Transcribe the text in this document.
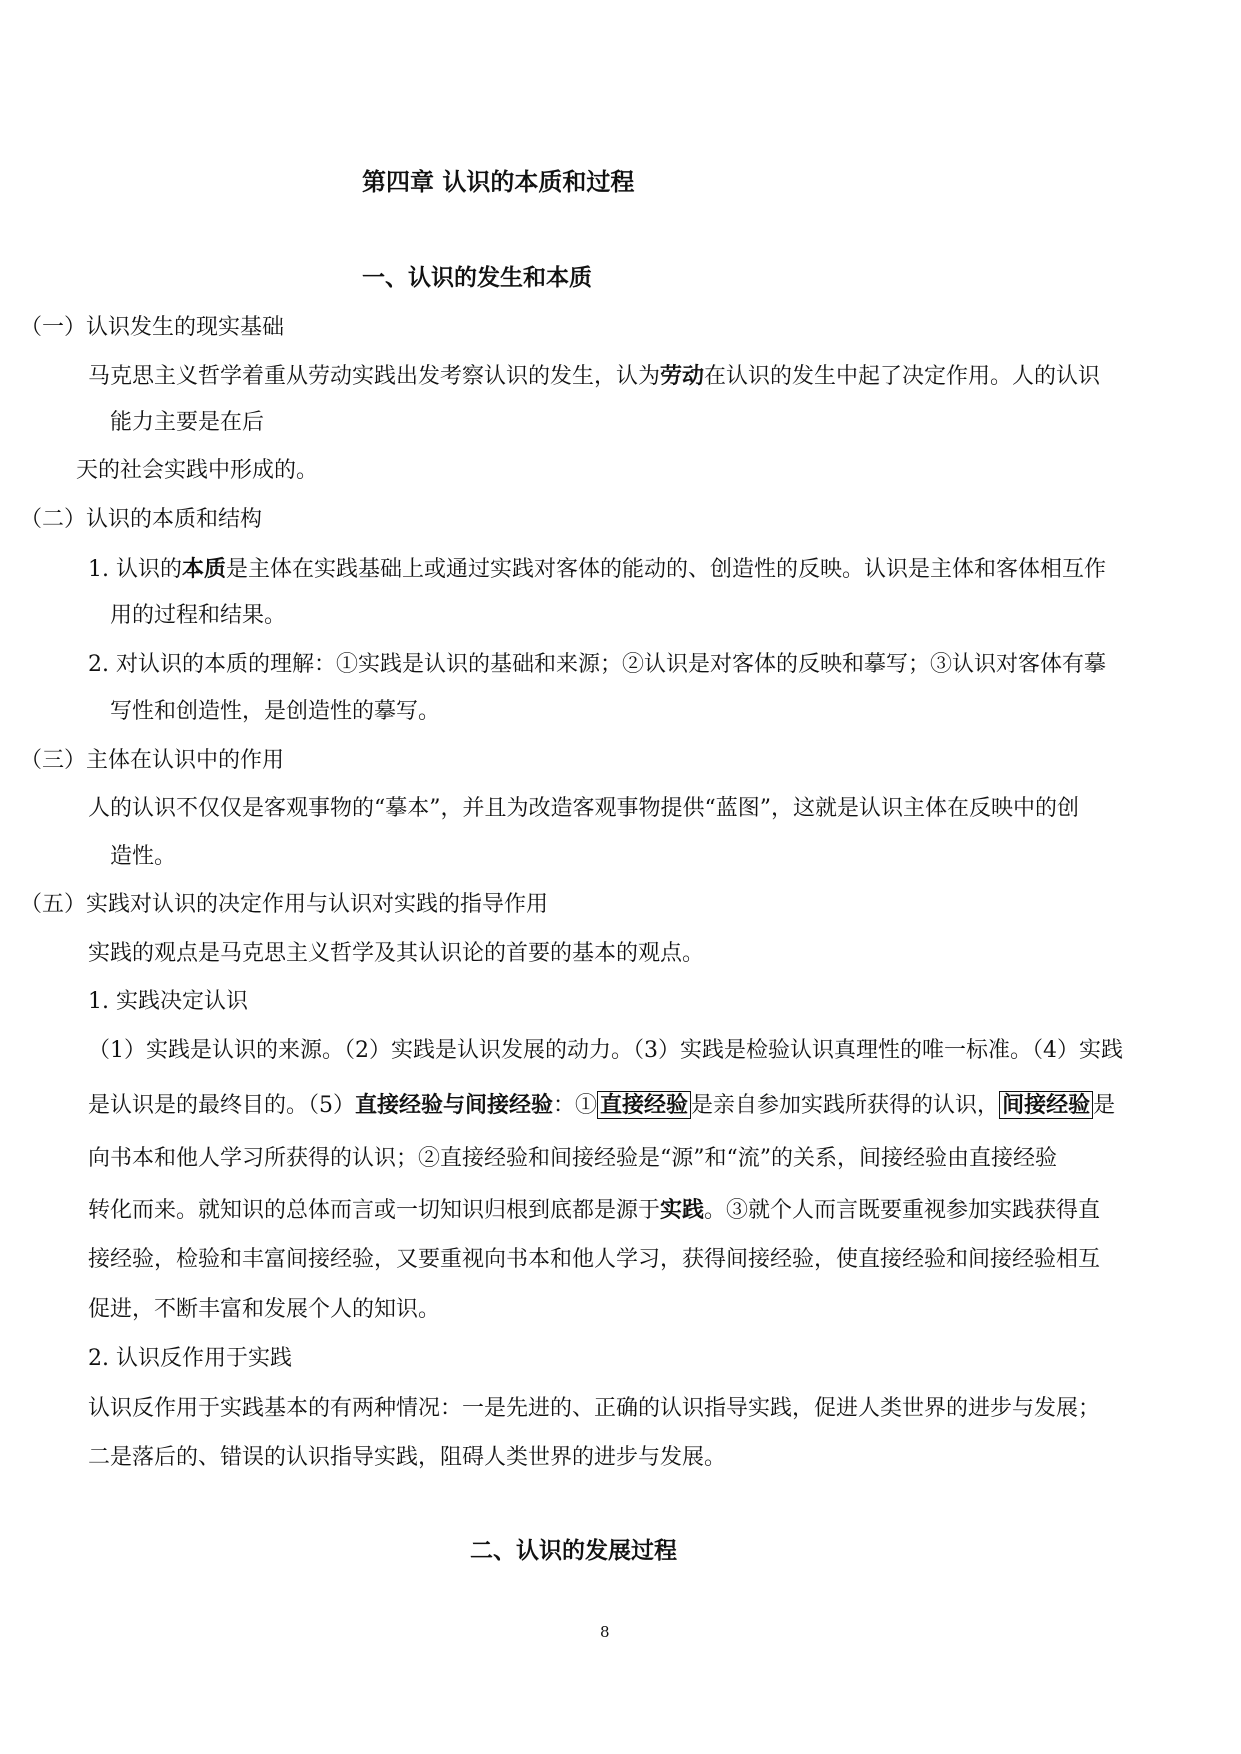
第四章 认识的本质和过程
一、认识的发生和本质
（一）认识发生的现实基础
马克思主义哲学着重从劳动实践出发考察认识的发生，认为劳动在认识的发生中起了决定作用。人的认识
能力主要是在后
天的社会实践中形成的。
（二）认识的本质和结构
1. 认识的本质是主体在实践基础上或通过实践对客体的能动的、创造性的反映。认识是主体和客体相互作
用的过程和结果。
2. 对认识的本质的理解：①实践是认识的基础和来源；②认识是对客体的反映和摹写；③认识对客体有摹
写性和创造性，是创造性的摹写。
（三）主体在认识中的作用
人的认识不仅仅是客观事物的“摹本”，并且为改造客观事物提供“蓝图”，这就是认识主体在反映中的创
造性。
（五）实践对认识的决定作用与认识对实践的指导作用
实践的观点是马克思主义哲学及其认识论的首要的基本的观点。
1. 实践决定认识
（1）实践是认识的来源。（2）实践是认识发展的动力。（3）实践是检验认识真理性的唯一标准。（4）实践
是认识是的最终目的。（5）直接经验与间接经验：① 直接经验 是亲自参加实践所获得的认识， 间接经验 是
向书本和他人学习所获得的认识；②直接经验和间接经验是“源”和“流”的关系，间接经验由直接经验
转化而来。就知识的总体而言或一切知识归根到底都是源于实践。③就个人而言既要重视参加实践获得直
接经验，检验和丰富间接经验，又要重视向书本和他人学习，获得间接经验，使直接经验和间接经验相互
促进，不断丰富和发展个人的知识。
2. 认识反作用于实践
认识反作用于实践基本的有两种情况：一是先进的、正确的认识指导实践，促进人类世界的进步与发展；
二是落后的、错误的认识指导实践，阻碍人类世界的进步与发展。
二、认识的发展过程
8
